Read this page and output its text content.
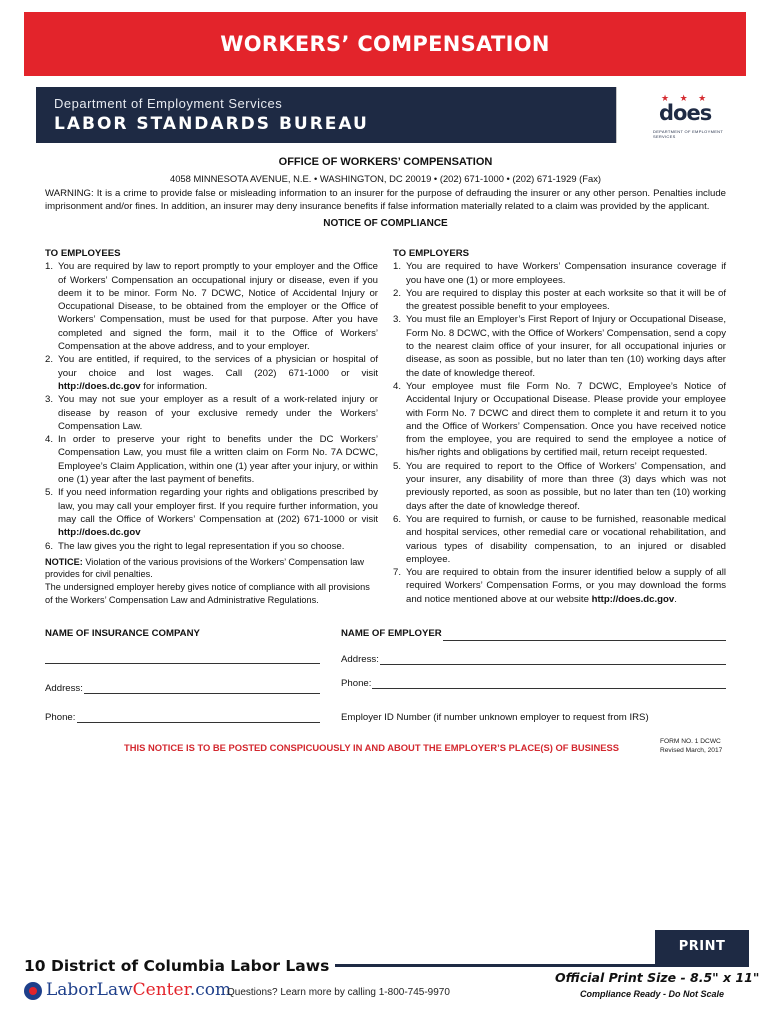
WORKERS’ COMPENSATION
Department of Employment Services
LABOR STANDARDS BUREAU
★ ★ ★
does
DEPARTMENT OF EMPLOYMENT SERVICES
OFFICE OF WORKERS’ COMPENSATION
4058 MINNESOTA AVENUE, N.E. • WASHINGTON, DC 20019 • (202) 671-1000 • (202) 671-1929 (Fax)
WARNING: It is a crime to provide false or misleading information to an insurer for the purpose of defrauding the insurer or any other person. Penalties include imprisonment and/or fines. In addition, an insurer may deny insurance benefits if false information materially related to a claim was provided by the applicant.
NOTICE OF COMPLIANCE
TO EMPLOYEES
1. You are required by law to report promptly to your employer and the Office of Workers’ Compensation an occupational injury or disease, even if you deem it to be minor. Form No. 7 DCWC, Notice of Accidental Injury or Occupational Disease, to be obtained from the employer or the Office of Workers’ Compensation, must be used for that purpose. After you have completed and signed the form, mail it to the Office of Workers’ Compensation at the above address, and to your employer.
2. You are entitled, if required, to the services of a physician or hospital of your choice and lost wages. Call (202) 671-1000 or visit http://does.dc.gov for information.
3. You may not sue your employer as a result of a work-related injury or disease by reason of your exclusive remedy under the Workers’ Compensation Law.
4. In order to preserve your right to benefits under the DC Workers’ Compensation Law, you must file a written claim on Form No. 7A DCWC, Employee’s Claim Application, within one (1) year after your injury, or within one (1) year after the last payment of benefits.
5. If you need information regarding your rights and obligations prescribed by law, you may call your employer first. If you require further information, you may call the Office of Workers’ Compensation at (202) 671-1000 or visit http://does.dc.gov
6. The law gives you the right to legal representation if you so choose.
NOTICE: Violation of the various provisions of the Workers’ Compensation law provides for civil penalties.
The undersigned employer hereby gives notice of compliance with all provisions of the Workers’ Compensation Law and Administrative Regulations.
TO EMPLOYERS
1. You are required to have Workers’ Compensation insurance coverage if you have one (1) or more employees.
2. You are required to display this poster at each worksite so that it will be of the greatest possible benefit to your employees.
3. You must file an Employer’s First Report of Injury or Occupational Disease, Form No. 8 DCWC, with the Office of Workers’ Compensation, send a copy to the nearest claim office of your insurer, for all occupational injuries or disease, as soon as possible, but no later than ten (10) working days after the date of knowledge thereof.
4. Your employee must file Form No. 7 DCWC, Employee’s Notice of Accidental Injury or Occupational Disease. Please provide your employee with Form No. 7 DCWC and direct them to complete it and return it to you and the Office of Workers’ Compensation. Once you have received notice from the employee, you are required to send the employee a notice of his/her rights and obligations by certified mail, return receipt requested.
5. You are required to report to the Office of Workers’ Compensation, and your insurer, any disability of more than three (3) days which was not previously reported, as soon as possible, but no later than ten (10) working days after the date of knowledge thereof.
6. You are required to furnish, or cause to be furnished, reasonable medical and hospital services, other remedial care or vocational rehabilitation, and various types of disability compensation, to an injured or disabled employee.
7. You are required to obtain from the insurer identified below a supply of all required Workers’ Compensation Forms, or you may download the forms and notice mentioned above at our website http://does.dc.gov.
NAME OF INSURANCE COMPANY	NAME OF EMPLOYER
Address:
Phone:
Address:
Phone:	Employer ID Number (if number unknown employer to request from IRS)
THIS NOTICE IS TO BE POSTED CONSPICUOUSLY IN AND ABOUT THE EMPLOYER’S PLACE(S) OF BUSINESS
FORM NO. 1 DCWC
Revised March, 2017
PRINT
10 District of Columbia Labor Laws
LaborLawCenter.com
Questions? Learn more by calling 1-800-745-9970
Official Print Size - 8.5" x 11"
Compliance Ready - Do Not Scale
